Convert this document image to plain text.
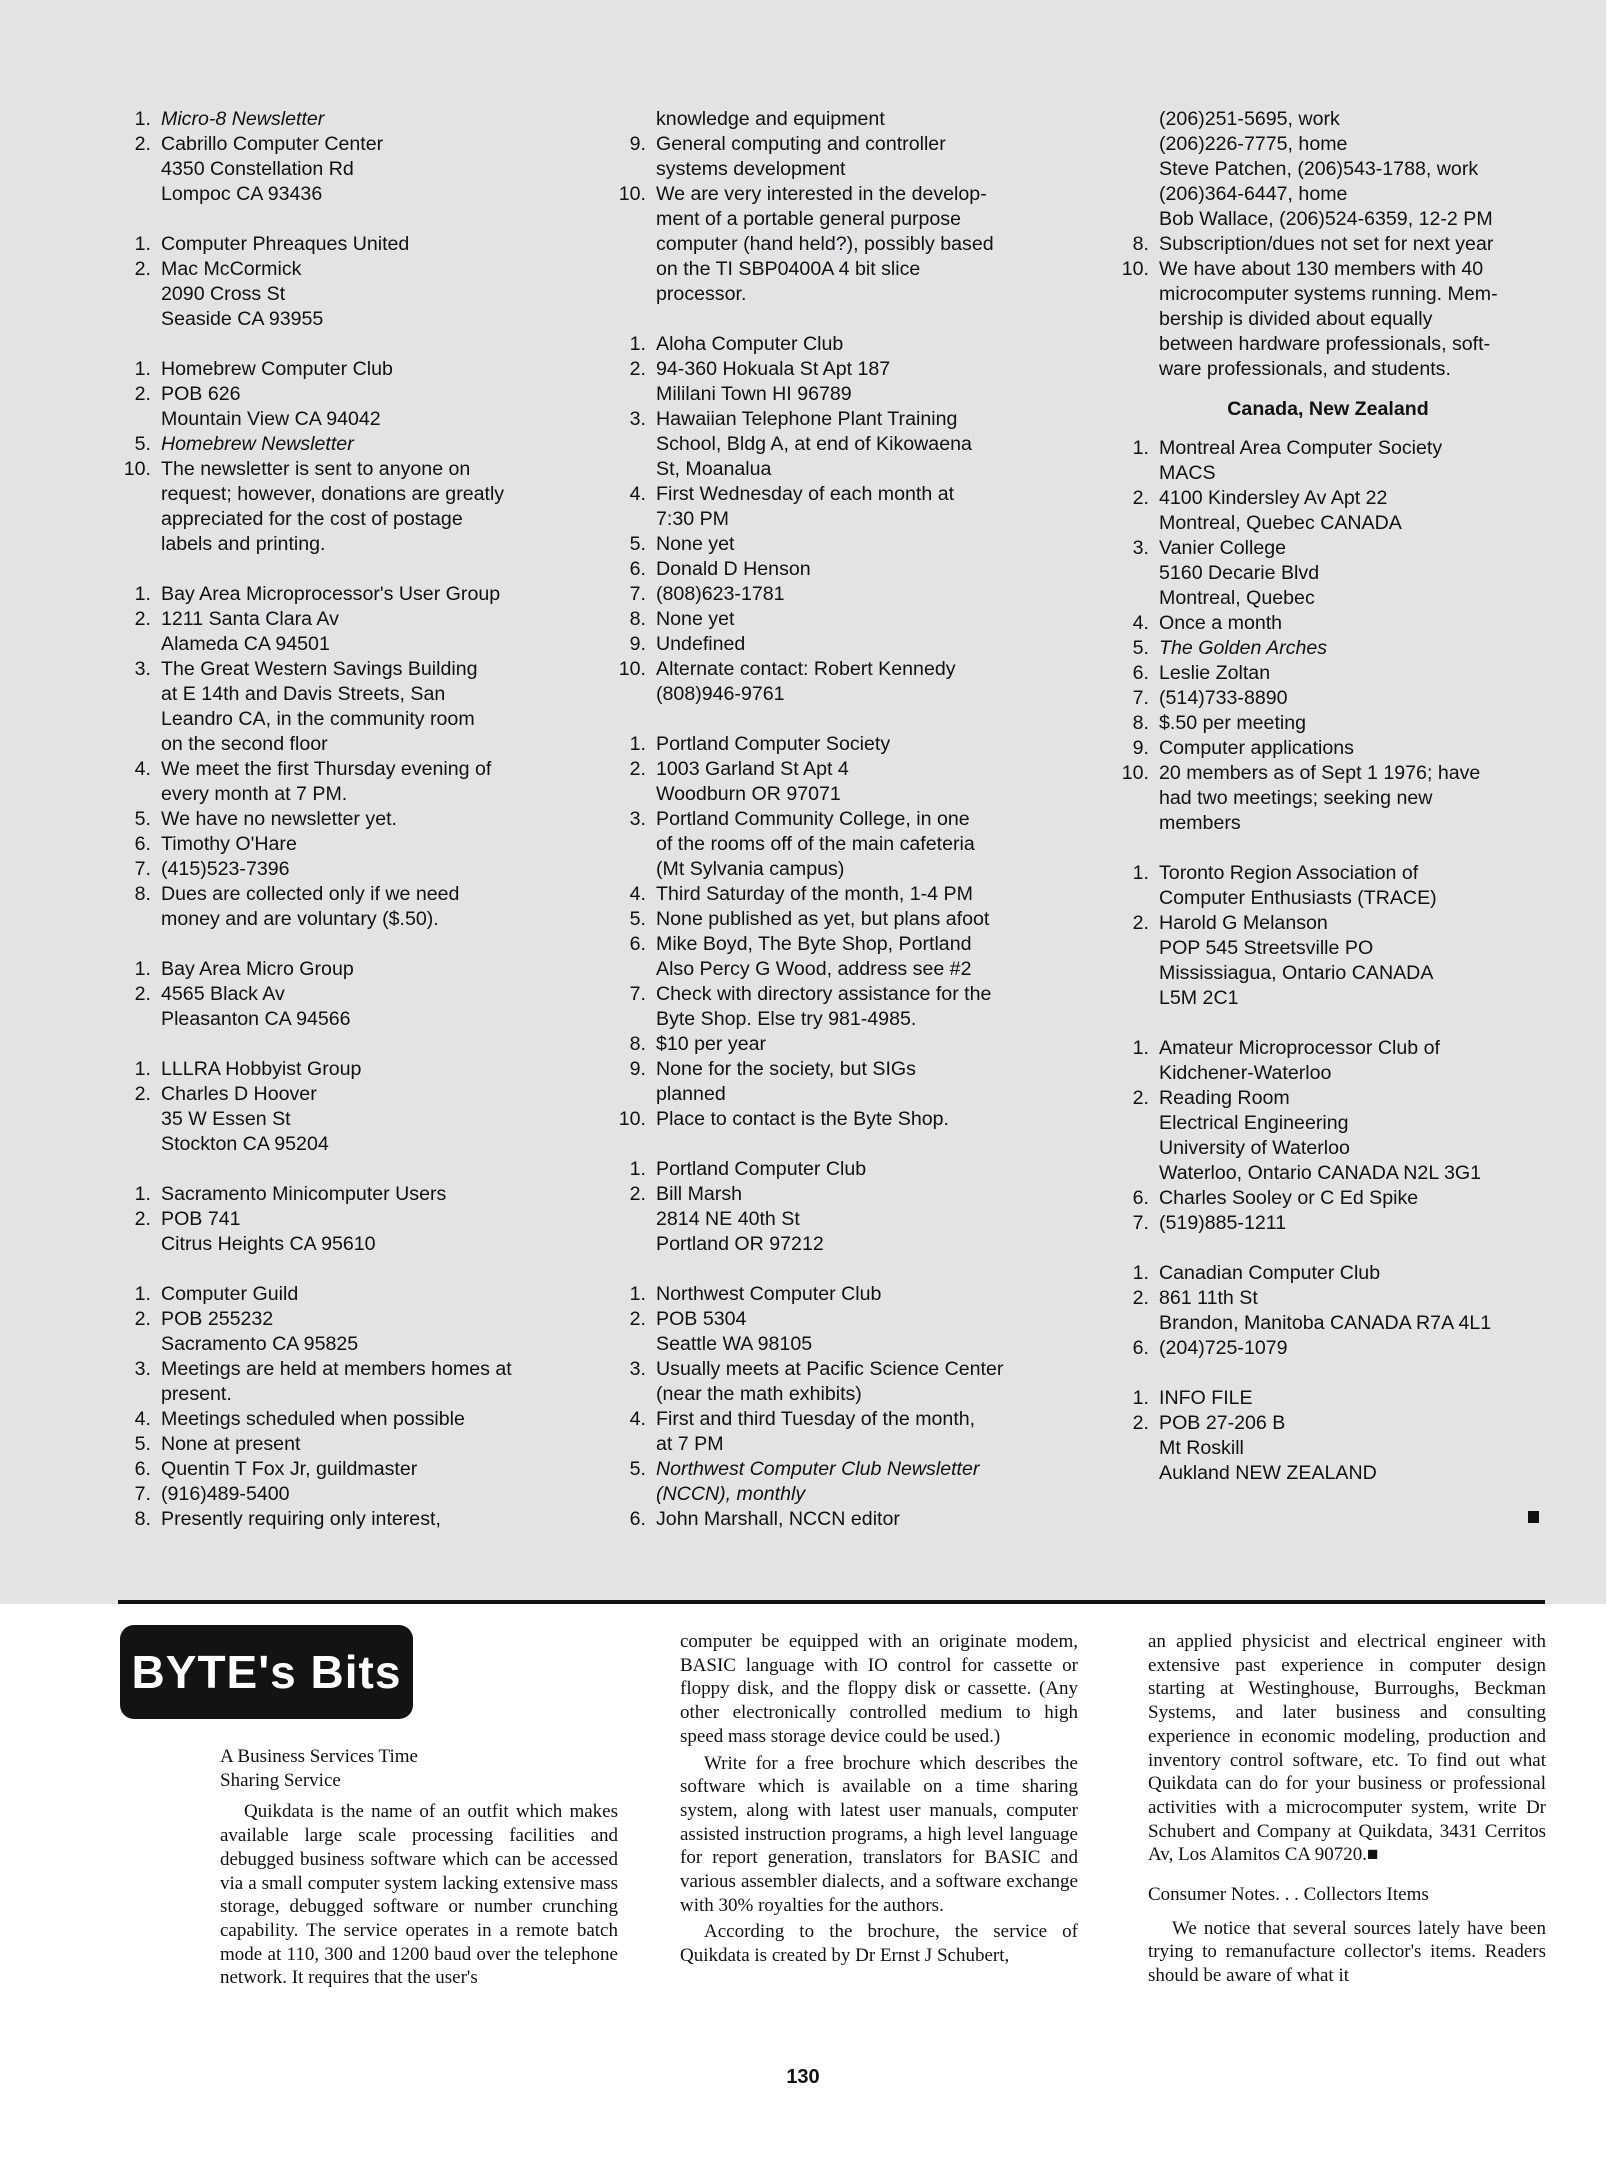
1. Micro-8 Newsletter
2. Cabrillo Computer Center
4350 Constellation Rd
Lompoc CA 93436
1. Computer Phreaques United
2. Mac McCormick
2090 Cross St
Seaside CA 93955
1. Homebrew Computer Club
2. POB 626
Mountain View CA 94042
5. Homebrew Newsletter
10. The newsletter is sent to anyone on
request; however, donations are greatly
appreciated for the cost of postage
labels and printing.
1. Bay Area Microprocessor's User Group
2. 1211 Santa Clara Av
Alameda CA 94501
3. The Great Western Savings Building
at E 14th and Davis Streets, San
Leandro CA, in the community room
on the second floor
4. We meet the first Thursday evening of
every month at 7 PM.
5. We have no newsletter yet.
6. Timothy O'Hare
7. (415)523-7396
8. Dues are collected only if we need
money and are voluntary ($.50).
1. Bay Area Micro Group
2. 4565 Black Av
Pleasanton CA 94566
1. LLLRA Hobbyist Group
2. Charles D Hoover
35 W Essen St
Stockton CA 95204
1. Sacramento Minicomputer Users
2. POB 741
Citrus Heights CA 95610
1. Computer Guild
2. POB 255232
Sacramento CA 95825
3. Meetings are held at members homes at
present.
4. Meetings scheduled when possible
5. None at present
6. Quentin T Fox Jr, guildmaster
7. (916)489-5400
8. Presently requiring only interest,
knowledge and equipment
9. General computing and controller
systems development
10. We are very interested in the develop-
ment of a portable general purpose
computer (hand held?), possibly based
on the TI SBP0400A 4 bit slice
processor.
1. Aloha Computer Club
2. 94-360 Hokuala St Apt 187
Mililani Town HI 96789
3. Hawaiian Telephone Plant Training
School, Bldg A, at end of Kikowaena
St, Moanalua
4. First Wednesday of each month at
7:30 PM
5. None yet
6. Donald D Henson
7. (808)623-1781
8. None yet
9. Undefined
10. Alternate contact: Robert Kennedy
(808)946-9761
1. Portland Computer Society
2. 1003 Garland St Apt 4
Woodburn OR 97071
3. Portland Community College, in one
of the rooms off of the main cafeteria
(Mt Sylvania campus)
4. Third Saturday of the month, 1-4 PM
5. None published as yet, but plans afoot
6. Mike Boyd, The Byte Shop, Portland
Also Percy G Wood, address see #2
7. Check with directory assistance for the
Byte Shop. Else try 981-4985.
8. $10 per year
9. None for the society, but SIGs
planned
10. Place to contact is the Byte Shop.
1. Portland Computer Club
2. Bill Marsh
2814 NE 40th St
Portland OR 97212
1. Northwest Computer Club
2. POB 5304
Seattle WA 98105
3. Usually meets at Pacific Science Center
(near the math exhibits)
4. First and third Tuesday of the month,
at 7 PM
5. Northwest Computer Club Newsletter
(NCCN), monthly
6. John Marshall, NCCN editor
(206)251-5695, work
(206)226-7775, home
Steve Patchen, (206)543-1788, work
(206)364-6447, home
Bob Wallace, (206)524-6359, 12-2 PM
8. Subscription/dues not set for next year
10. We have about 130 members with 40
microcomputer systems running. Mem-
bership is divided about equally
between hardware professionals, soft-
ware professionals, and students.
Canada, New Zealand
1. Montreal Area Computer Society
MACS
2. 4100 Kindersley Av Apt 22
Montreal, Quebec CANADA
3. Vanier College
5160 Decarie Blvd
Montreal, Quebec
4. Once a month
5. The Golden Arches
6. Leslie Zoltan
7. (514)733-8890
8. $.50 per meeting
9. Computer applications
10. 20 members as of Sept 1 1976; have
had two meetings; seeking new
members
1. Toronto Region Association of
Computer Enthusiasts (TRACE)
2. Harold G Melanson
POP 545 Streetsville PO
Mississiagua, Ontario CANADA
L5M 2C1
1. Amateur Microprocessor Club of
Kidchener-Waterloo
2. Reading Room
Electrical Engineering
University of Waterloo
Waterloo, Ontario CANADA N2L 3G1
6. Charles Sooley or C Ed Spike
7. (519)885-1211
1. Canadian Computer Club
2. 861 11th St
Brandon, Manitoba CANADA R7A 4L1
6. (204)725-1079
1. INFO FILE
2. POB 27-206 B
Mt Roskill
Aukland NEW ZEALAND
BYTE's Bits
A Business Services Time
Sharing Service

Quikdata is the name of an outfit which makes available large scale processing facilities and debugged business software which can be accessed via a small computer system lacking extensive mass storage, debugged software or number crunching capability. The service operates in a remote batch mode at 110, 300 and 1200 baud over the telephone network. It requires that the user's

computer be equipped with an originate modem, BASIC language with IO control for cassette or floppy disk, and the floppy disk or cassette. (Any other electronically controlled medium to high speed mass storage device could be used.)

Write for a free brochure which describes the software which is available on a time sharing system, along with latest user manuals, computer assisted instruction programs, a high level language for report generation, translators for BASIC and various assembler dialects, and a software exchange with 30% royalties for the authors.

According to the brochure, the service of Quikdata is created by Dr Ernst J Schubert,

an applied physicist and electrical engineer with extensive past experience in computer design starting at Westinghouse, Burroughs, Beckman Systems, and later business and consulting experience in economic modeling, production and inventory control software, etc. To find out what Quikdata can do for your business or professional activities with a microcomputer system, write Dr Schubert and Company at Quikdata, 3431 Cerritos Av, Los Alamitos CA 90720.■

Consumer Notes. . . Collectors Items

We notice that several sources lately have been trying to remanufacture collector's items. Readers should be aware of what it

130
